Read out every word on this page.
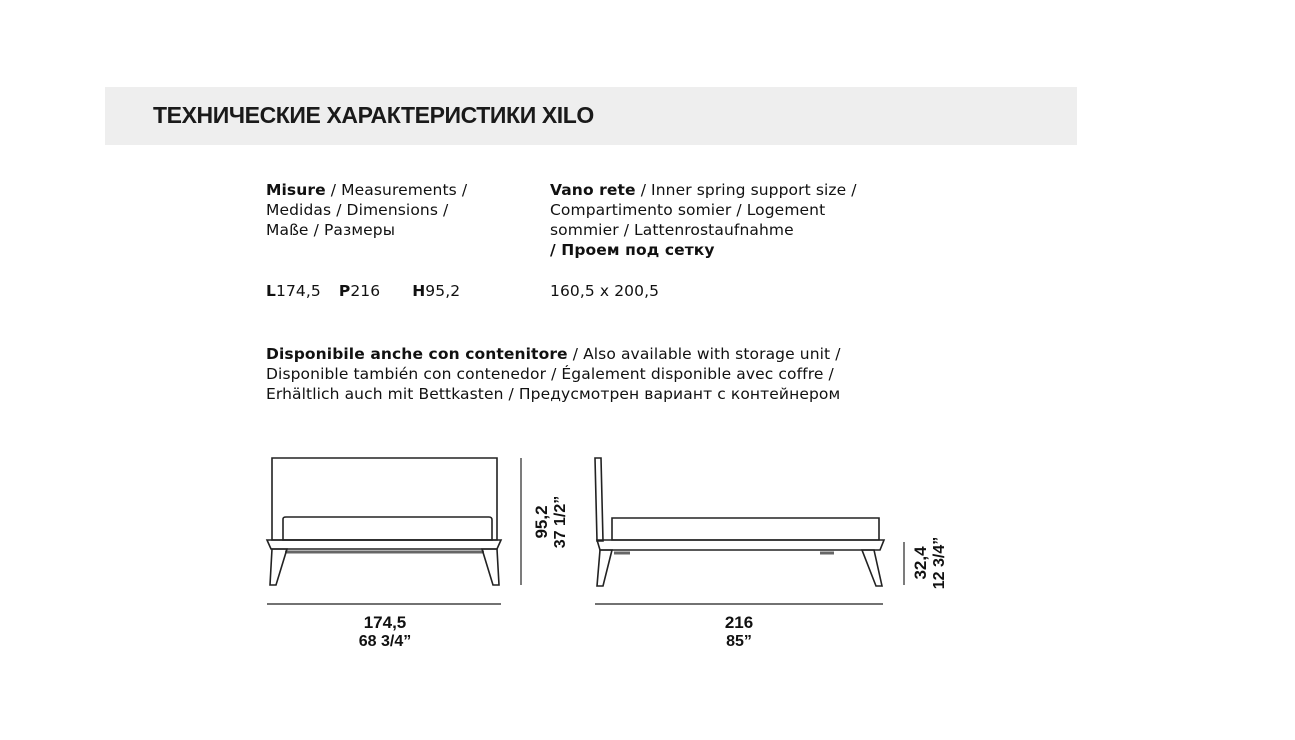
ТЕХНИЧЕСКИЕ ХАРАКТЕРИСТИКИ XILO
Misure / Measurements /
Medidas / Dimensions /
Maße / Размеры
Vano rete / Inner spring support size /
Compartimento somier / Logement
sommier / Lattenrostaufnahme
/ Проем под сетку
L174,5 P216 H95,2	160,5 x 200,5
Disponibile anche con contenitore / Also available with storage unit /
Disponible también con contenedor / Également disponible avec coffre /
Erhältlich auch mit Bettkasten / Предусмотрен вариант с контейнером
174,5
68 3/4”
216
85”
95,2 37 1/2”
32,4 12 3/4”
